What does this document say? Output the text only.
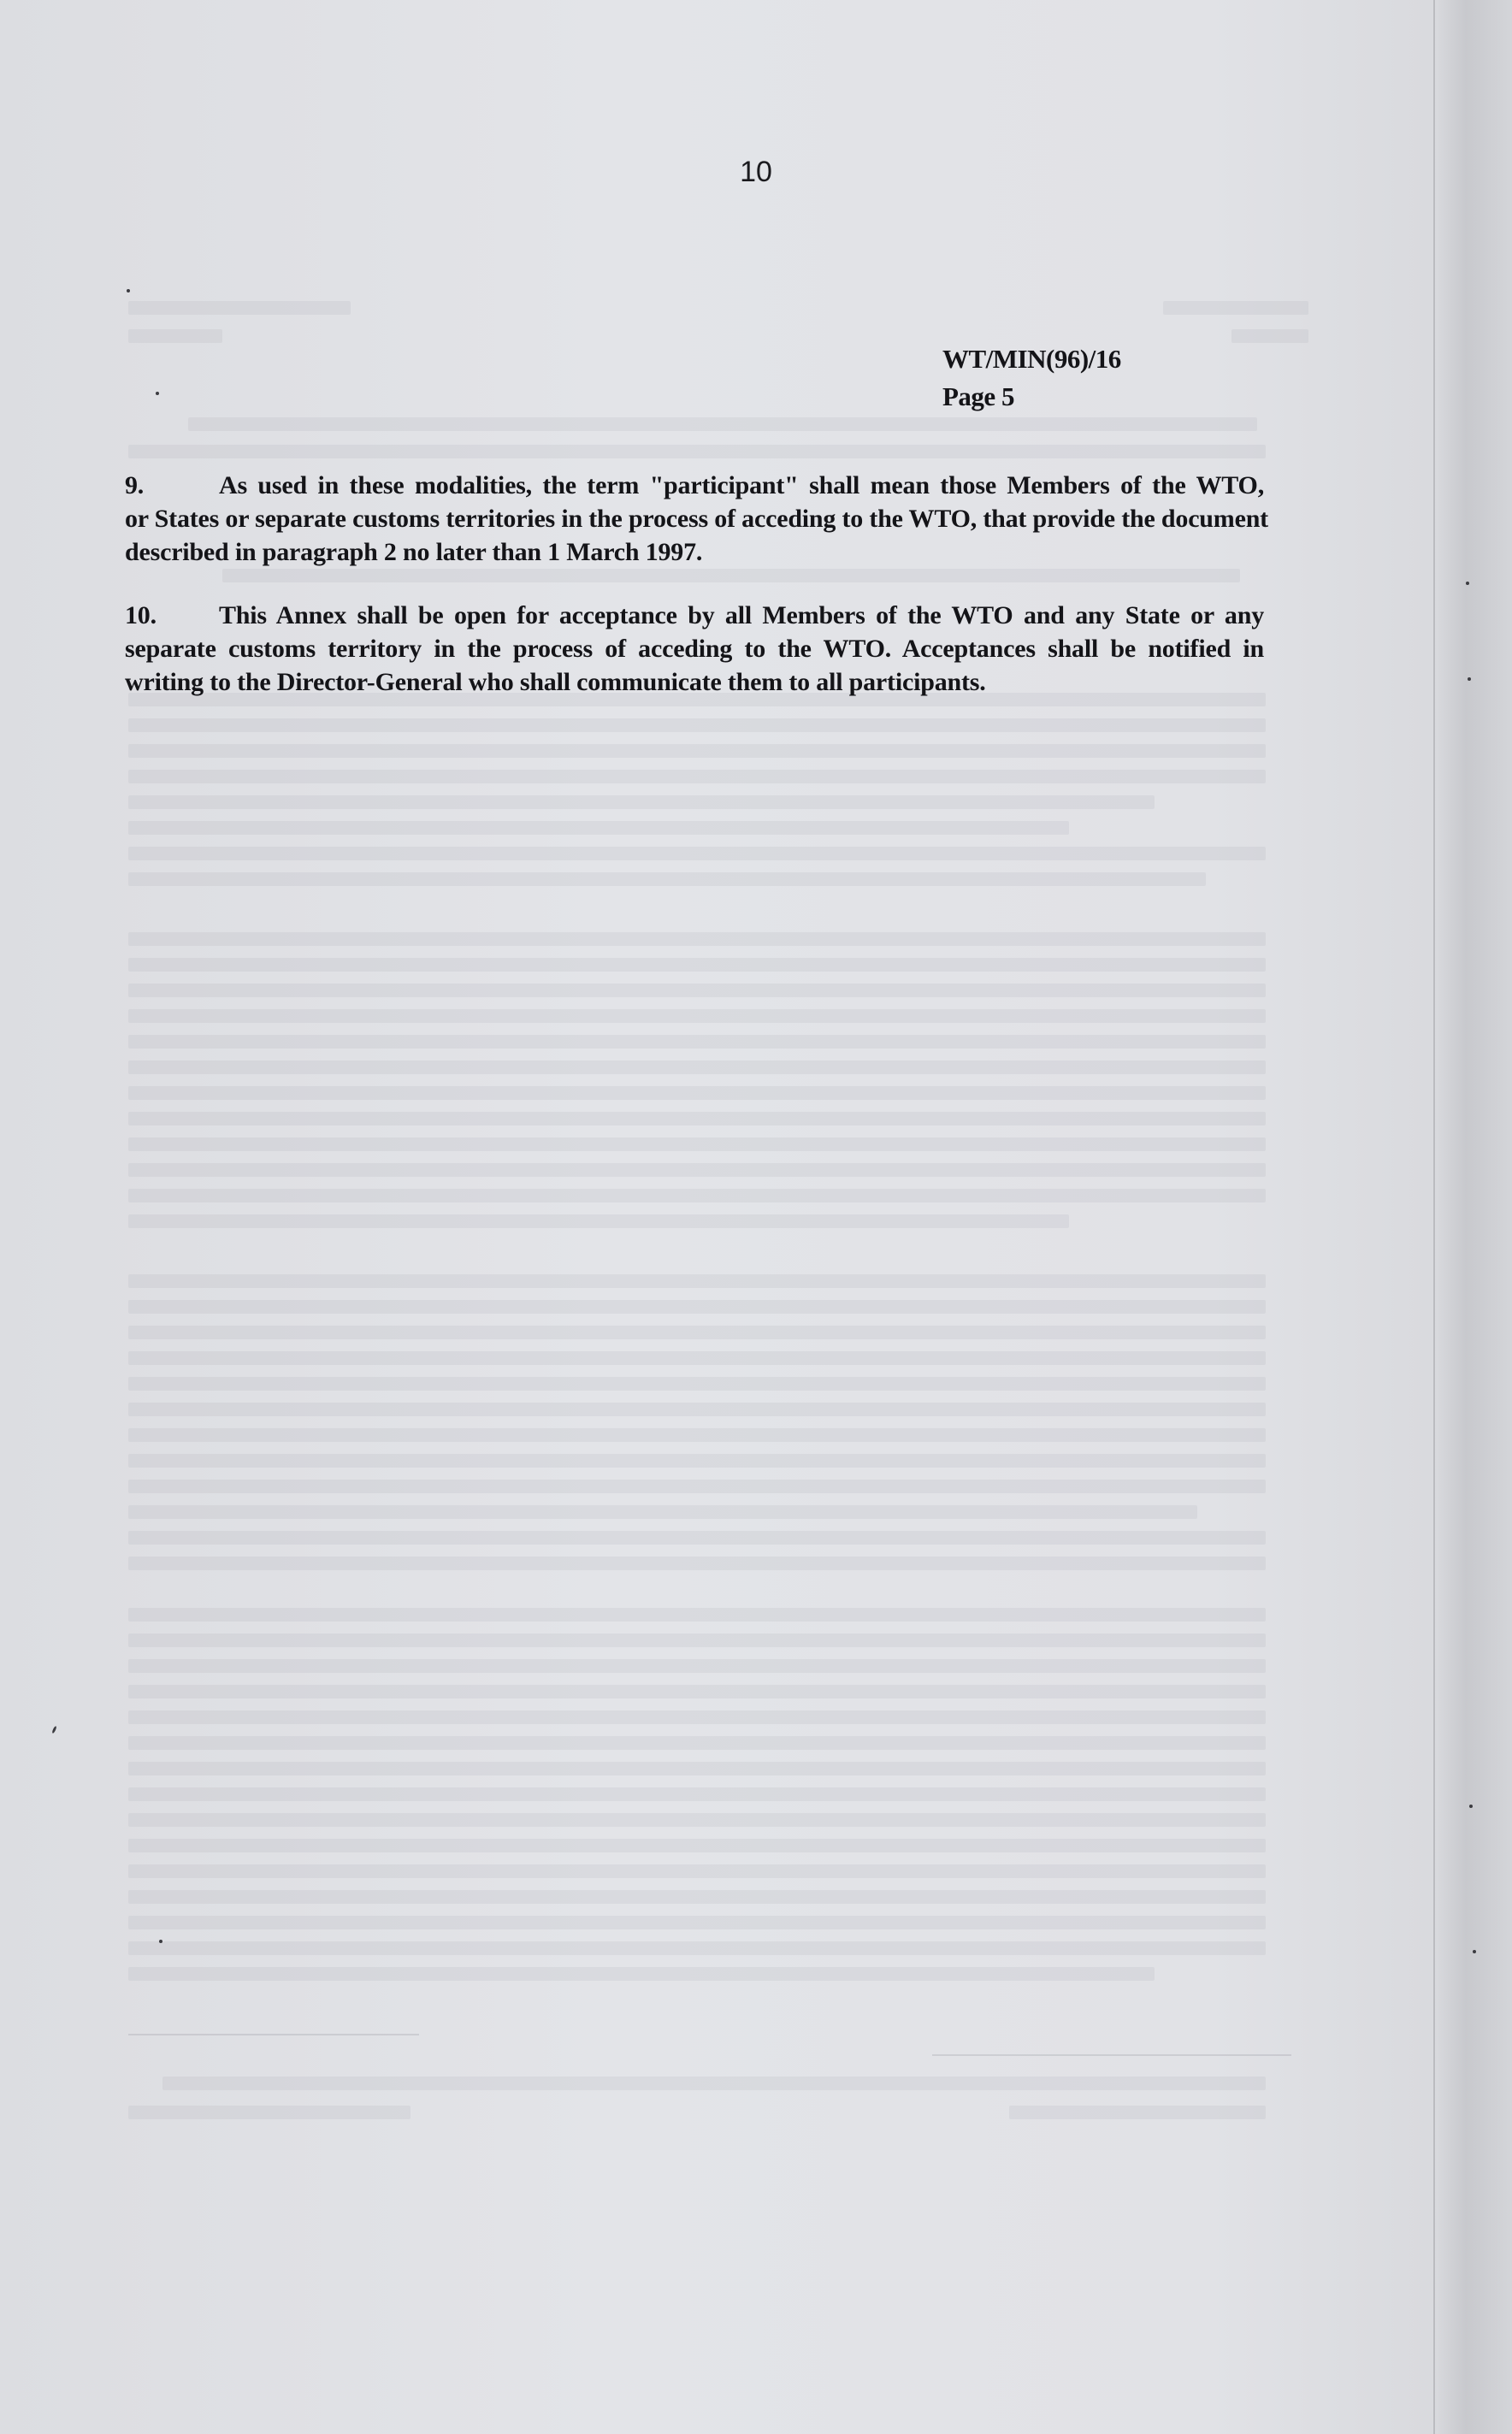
10
WT/MIN(96)/16
Page 5
9.	As used in these modalities, the term "participant" shall mean those Members of the WTO,
or States or separate customs territories in the process of acceding to the WTO, that provide the document
described in paragraph 2 no later than 1 March 1997.
10. This Annex shall be open for acceptance by all Members of the WTO and any State or any
separate customs territory in the process of acceding to the WTO. Acceptances shall be notified in
writing to the Director-General who shall communicate them to all participants.
